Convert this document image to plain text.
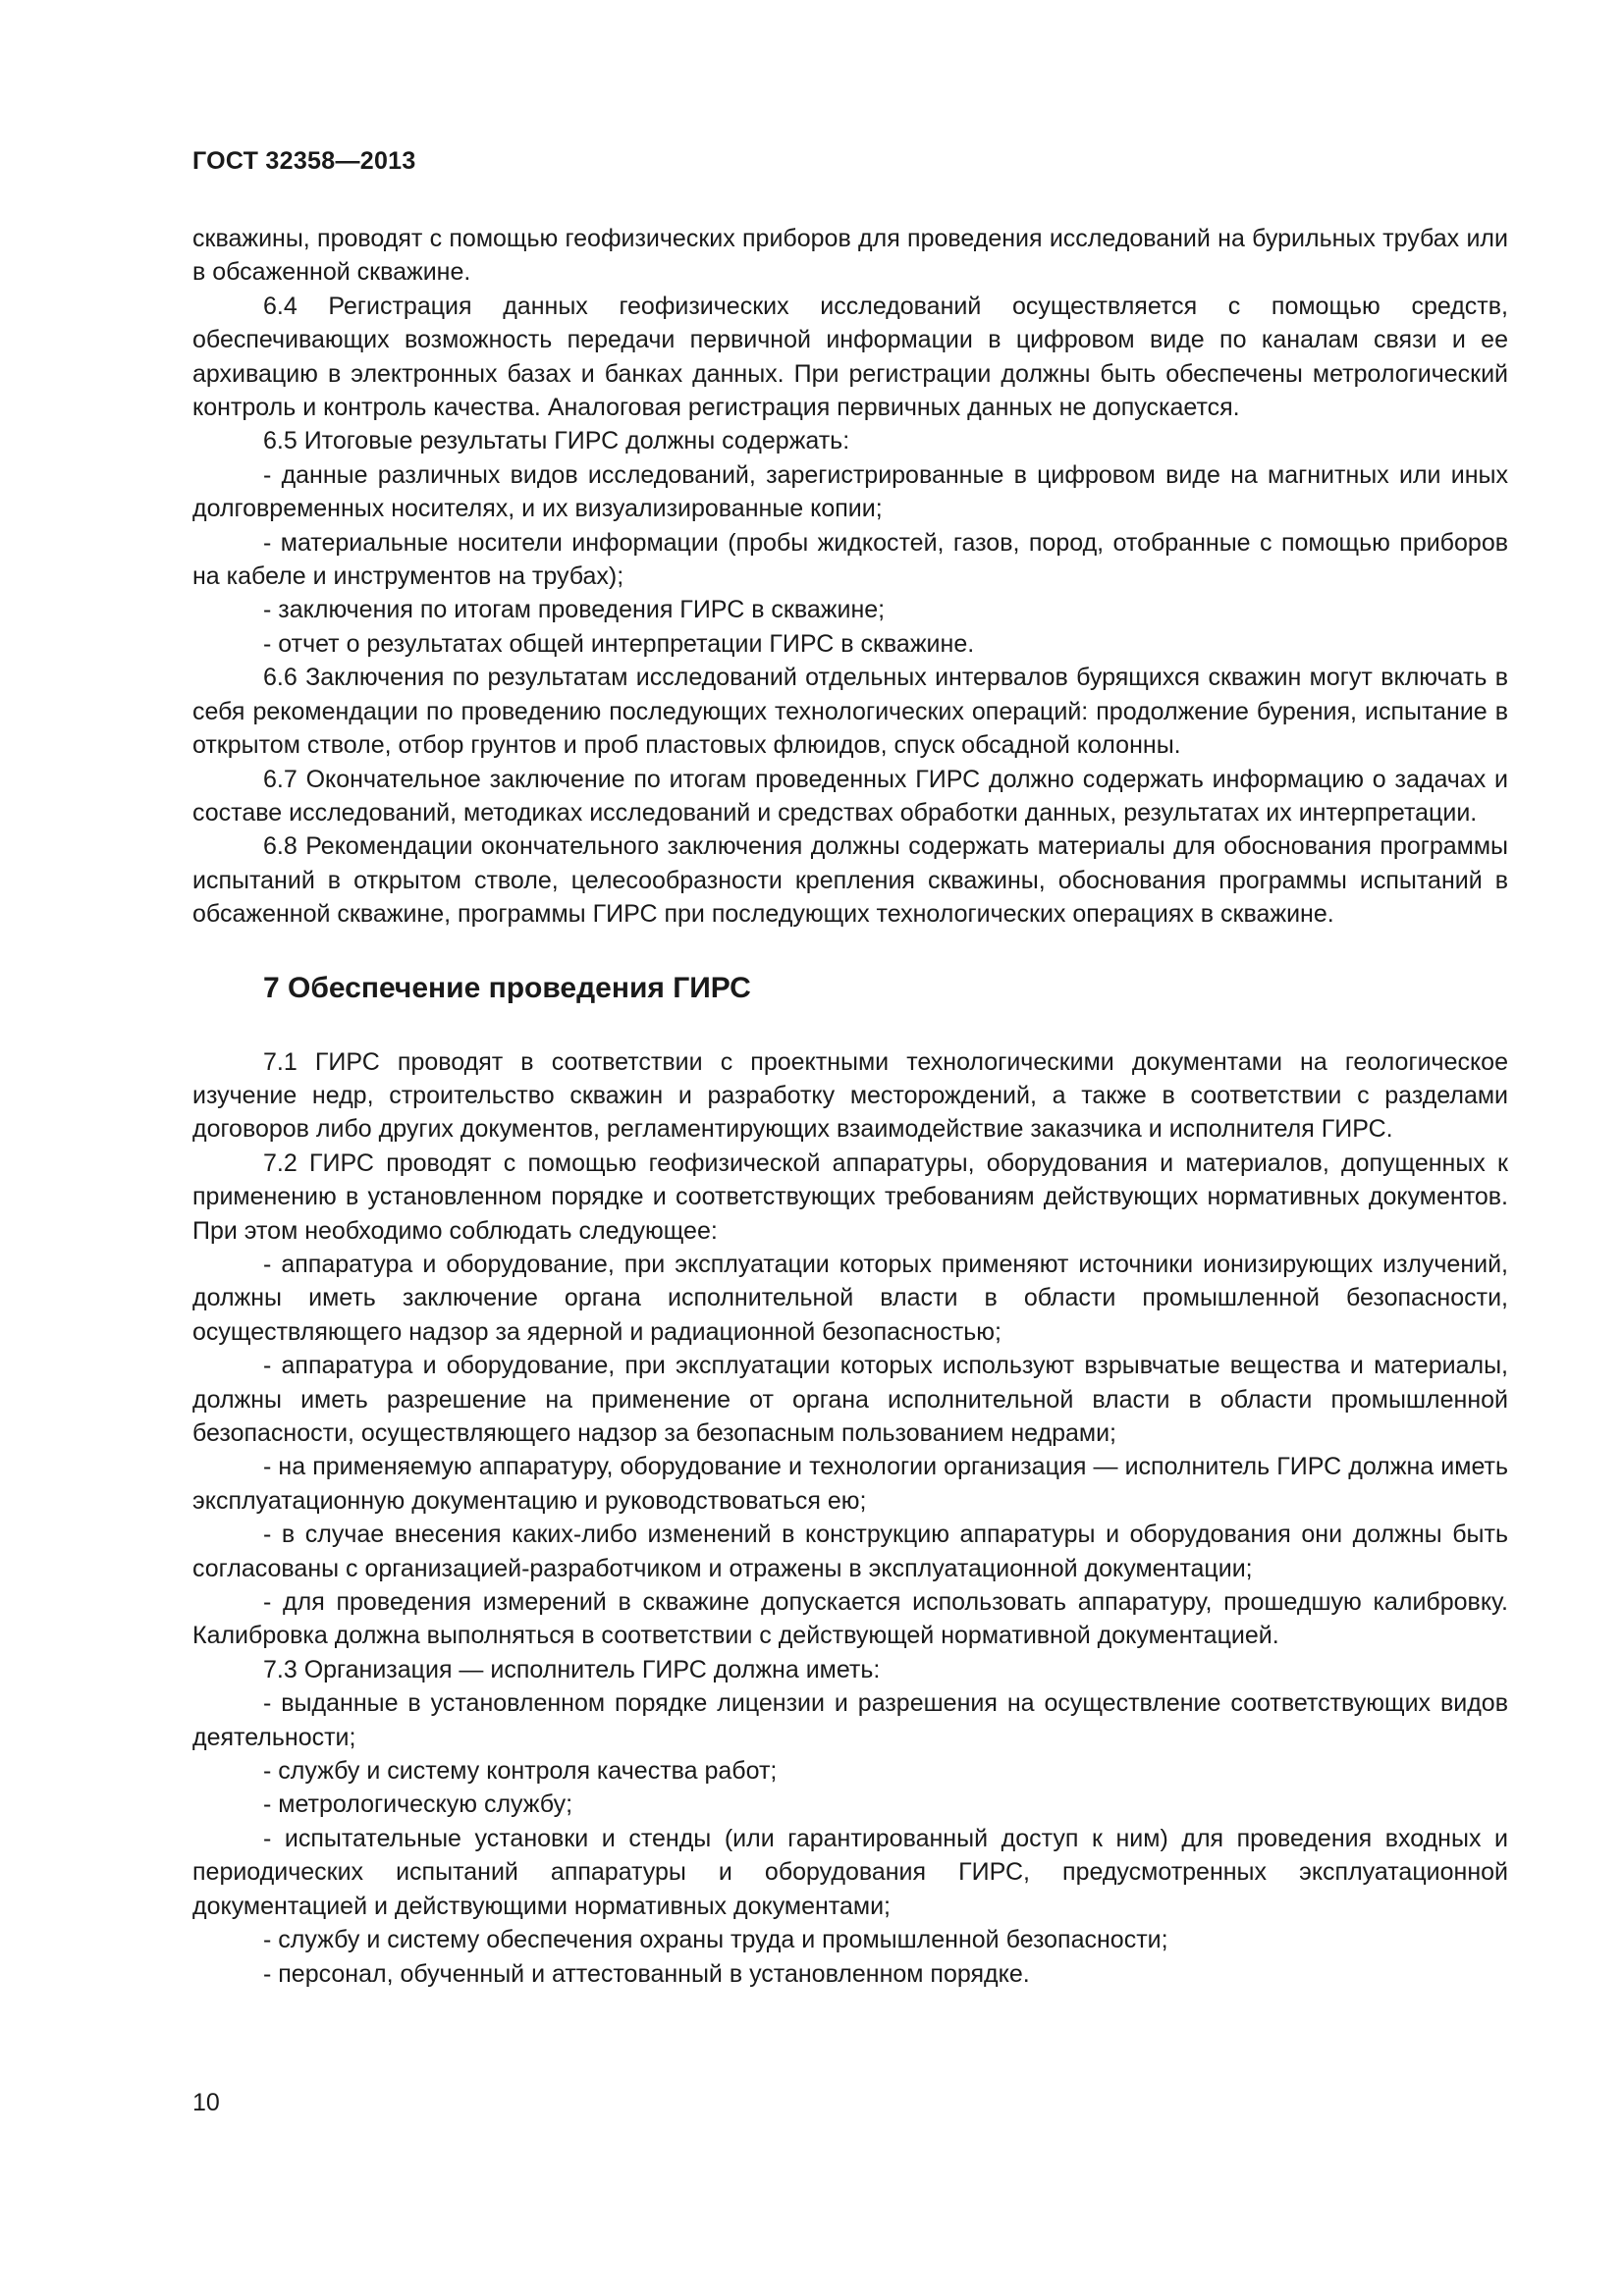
ГОСТ 32358—2013

скважины, проводят с помощью геофизических приборов для проведения исследований на бурильных трубах или в обсаженной скважине.

6.4 Регистрация данных геофизических исследований осуществляется с помощью средств, обеспечивающих возможность передачи первичной информации в цифровом виде по каналам связи и ее архивацию в электронных базах и банках данных. При регистрации должны быть обеспечены метрологический контроль и контроль качества. Аналоговая регистрация первичных данных не допускается.

6.5 Итоговые результаты ГИРС должны содержать:

- данные различных видов исследований, зарегистрированные в цифровом виде на магнитных или иных долговременных носителях, и их визуализированные копии;

- материальные носители информации (пробы жидкостей, газов, пород, отобранные с помощью приборов на кабеле и инструментов на трубах);

- заключения по итогам проведения ГИРС в скважине;

- отчет о результатах общей интерпретации ГИРС в скважине.

6.6 Заключения по результатам исследований отдельных интервалов бурящихся скважин могут включать в себя рекомендации по проведению последующих технологических операций: продолжение бурения, испытание в открытом стволе, отбор грунтов и проб пластовых флюидов, спуск обсадной колонны.

6.7 Окончательное заключение по итогам проведенных ГИРС должно содержать информацию о задачах и составе исследований, методиках исследований и средствах обработки данных, результатах их интерпретации.

6.8 Рекомендации окончательного заключения должны содержать материалы для обоснования программы испытаний в открытом стволе, целесообразности крепления скважины, обоснования программы испытаний в обсаженной скважине, программы ГИРС при последующих технологических операциях в скважине.

7 Обеспечение проведения ГИРС

7.1 ГИРС проводят в соответствии с проектными технологическими документами на геологическое изучение недр, строительство скважин и разработку месторождений, а также в соответствии с разделами договоров либо других документов, регламентирующих взаимодействие заказчика и исполнителя ГИРС.

7.2 ГИРС проводят с помощью геофизической аппаратуры, оборудования и материалов, допущенных к применению в установленном порядке и соответствующих требованиям действующих нормативных документов. При этом необходимо соблюдать следующее:

- аппаратура и оборудование, при эксплуатации которых применяют источники ионизирующих излучений, должны иметь заключение органа исполнительной власти в области промышленной безопасности, осуществляющего надзор за ядерной и радиационной безопасностью;

- аппаратура и оборудование, при эксплуатации которых используют взрывчатые вещества и материалы, должны иметь разрешение на применение от органа исполнительной власти в области промышленной безопасности, осуществляющего надзор за безопасным пользованием недрами;

- на применяемую аппаратуру, оборудование и технологии организация — исполнитель ГИРС должна иметь эксплуатационную документацию и руководствоваться ею;

- в случае внесения каких-либо изменений в конструкцию аппаратуры и оборудования они должны быть согласованы с организацией-разработчиком и отражены в эксплуатационной документации;

- для проведения измерений в скважине допускается использовать аппаратуру, прошедшую калибровку. Калибровка должна выполняться в соответствии с действующей нормативной документацией.

7.3 Организация — исполнитель ГИРС должна иметь:

- выданные в установленном порядке лицензии и разрешения на осуществление соответствующих видов деятельности;

- службу и систему контроля качества работ;

- метрологическую службу;

- испытательные установки и стенды (или гарантированный доступ к ним) для проведения входных и периодических испытаний аппаратуры и оборудования ГИРС, предусмотренных эксплуатационной документацией и действующими нормативных документами;

- службу и систему обеспечения охраны труда и промышленной безопасности;

- персонал, обученный и аттестованный в установленном порядке.

10
